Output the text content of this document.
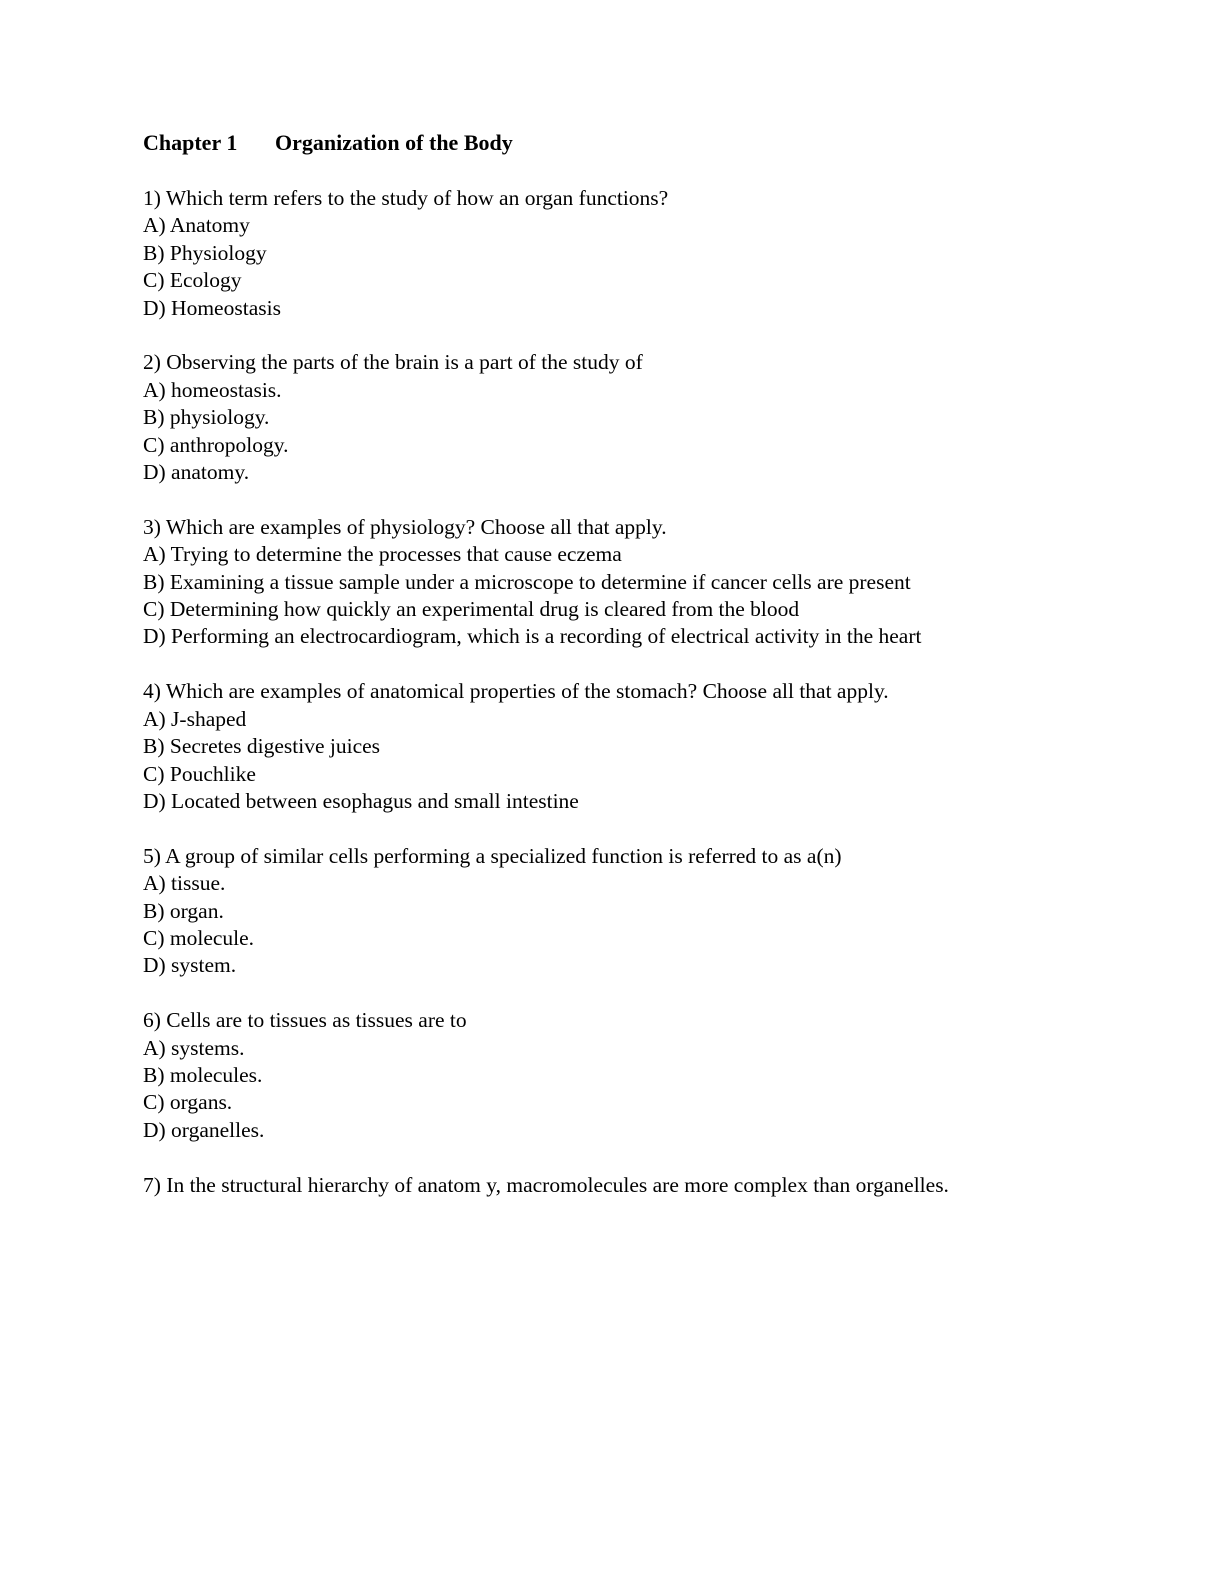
Chapter 1 Organization of the Body
1) Which term refers to the study of how an organ functions?
A) Anatomy
B) Physiology
C) Ecology
D) Homeostasis
2) Observing the parts of the brain is a part of the study of
A) homeostasis.
B) physiology.
C) anthropology.
D) anatomy.
3) Which are examples of physiology? Choose all that apply.
A) Trying to determine the processes that cause eczema
B) Examining a tissue sample under a microscope to determine if cancer cells are present
C) Determining how quickly an experimental drug is cleared from the blood
D) Performing an electrocardiogram, which is a recording of electrical activity in the heart
4) Which are examples of anatomical properties of the stomach? Choose all that apply.
A) J-shaped
B) Secretes digestive juices
C) Pouchlike
D) Located between esophagus and small intestine
5) A group of similar cells performing a specialized function is referred to as a(n)
A) tissue.
B) organ.
C) molecule.
D) system.
6) Cells are to tissues as tissues are to
A) systems.
B) molecules.
C) organs.
D) organelles.
7) In the structural hierarchy of anatom y, macromolecules are more complex than organelles.
